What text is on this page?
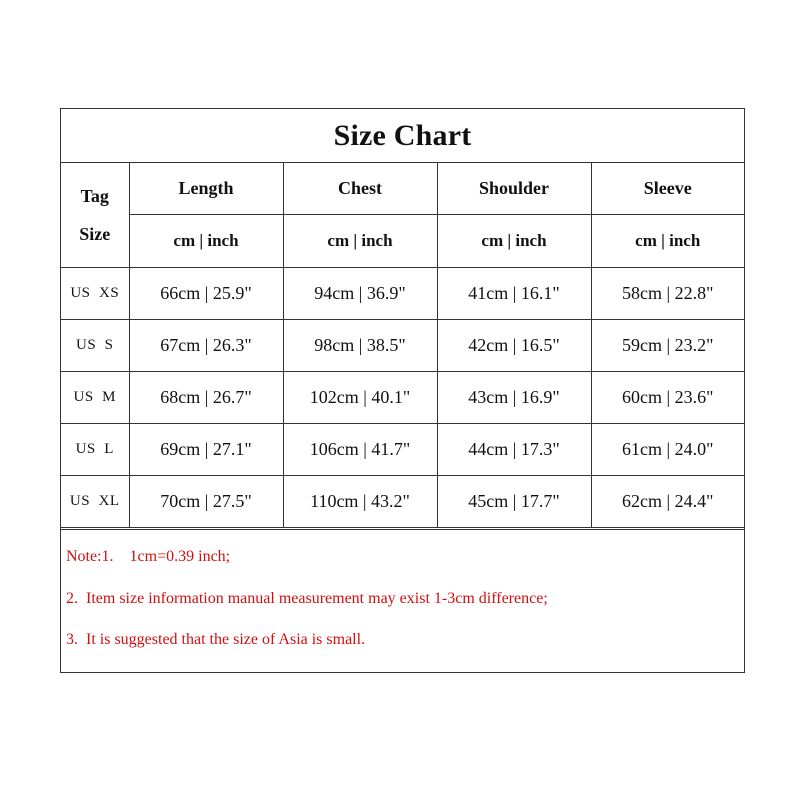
Size Chart
Tag
Size	Length	Chest	Shoulder	Sleeve
	cm | inch	cm | inch	cm | inch	cm | inch
US  XS	66cm | 25.9"	94cm | 36.9"	41cm | 16.1"	58cm | 22.8"
US  S	67cm | 26.3"	98cm | 38.5"	42cm | 16.5"	59cm | 23.2"
US  M	68cm | 26.7"	102cm | 40.1"	43cm | 16.9"	60cm | 23.6"
US  L	69cm | 27.1"	106cm | 41.7"	44cm | 17.3"	61cm | 24.0"
US  XL	70cm | 27.5"	110cm | 43.2"	45cm | 17.7"	62cm | 24.4"
Note:1.    1cm=0.39 inch;
2.  Item size information manual measurement may exist 1-3cm difference;
3.  It is suggested that the size of Asia is small.
